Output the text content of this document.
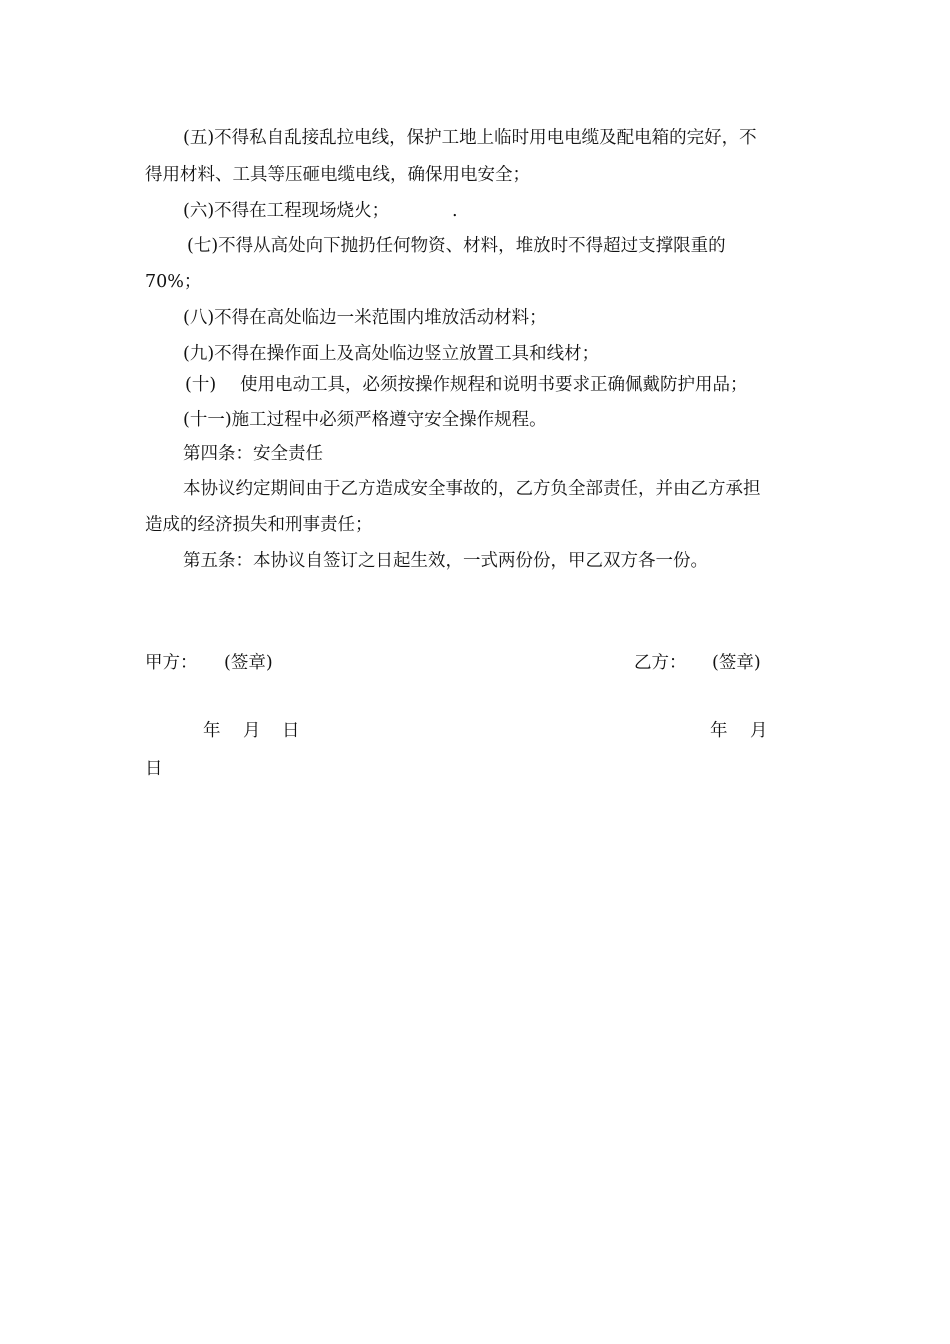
(五)不得私自乱接乱拉电线，保护工地上临时用电电缆及配电箱的完好，不
得用材料、工具等压砸电缆电线，确保用电安全；
(六)不得在工程现场烧火；	.
(七)不得从高处向下抛扔任何物资、材料，堆放时不得超过支撑限重的
70%；
(八)不得在高处临边一米范围内堆放活动材料；
(九)不得在操作面上及高处临边竖立放置工具和线材；
(十) 使用电动工具，必须按操作规程和说明书要求正确佩戴防护用品；
(十一)施工过程中必须严格遵守安全操作规程。
第四条：安全责任
本协议约定期间由于乙方造成安全事故的，乙方负全部责任，并由乙方承担
造成的经济损失和刑事责任；
第五条：本协议自签订之日起生效，一式两份份，甲乙双方各一份。
甲方： (签章)	乙方： (签章)
年 月 日	年 月
日
